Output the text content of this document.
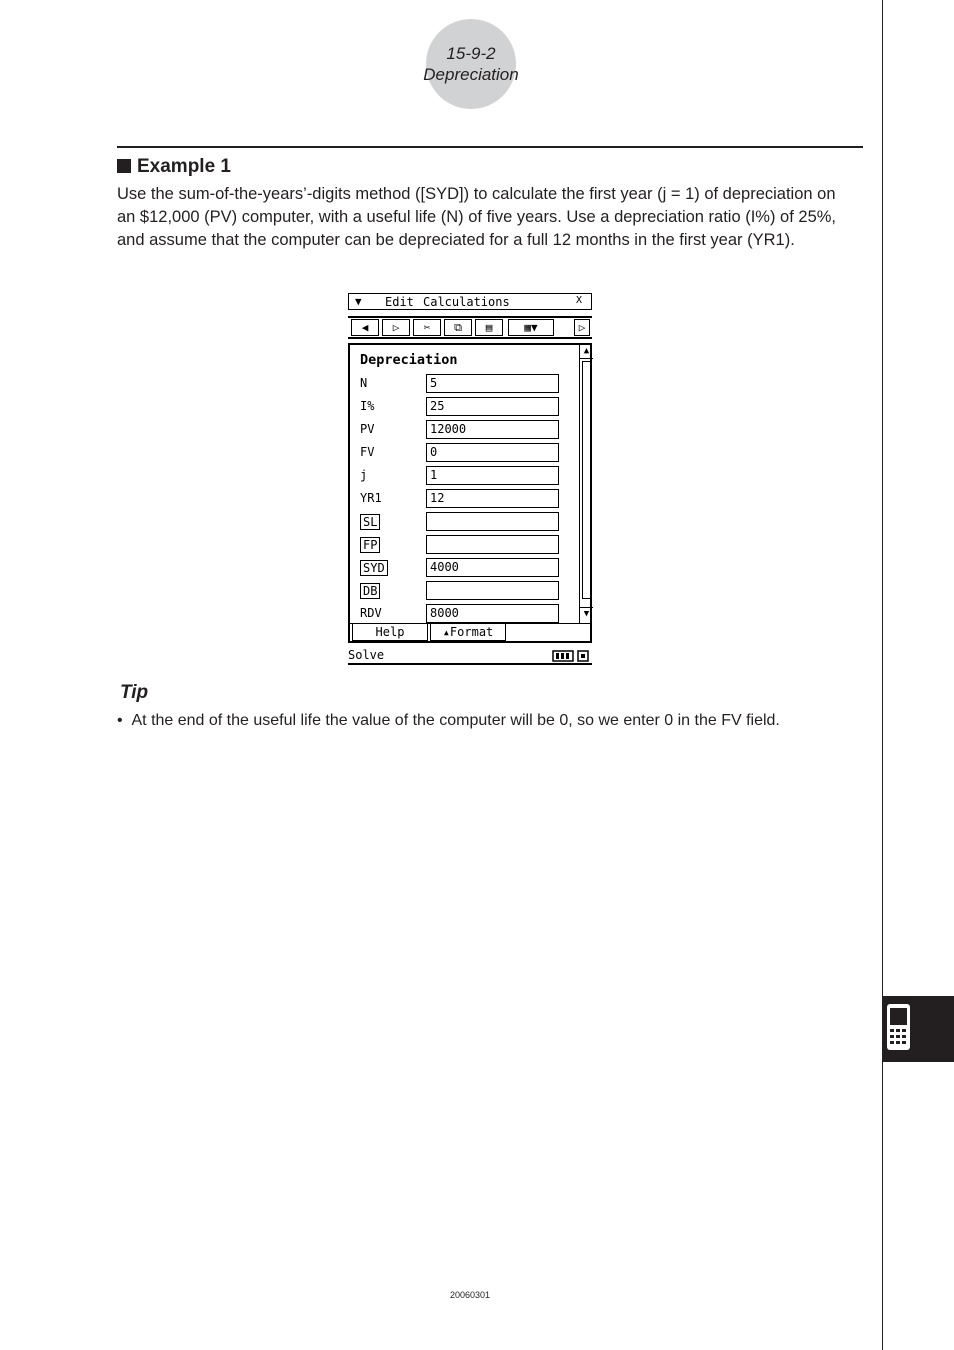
15-9-2
Depreciation
Example 1
Use the sum-of-the-years’-digits method ([SYD]) to calculate the first year (j = 1) of depreciation on an $12,000 (PV) computer, with a useful life (N) of five years. Use a depreciation ratio (I%) of 25%, and assume that the computer can be depreciated for a full 12 months in the first year (YR1).
▼ Edit Calculations	X
◀	▷	✂	⧉	▤	▦▼	▷
Depreciation
N	5
I%	25
PV	12000
FV	0
j	1
YR1	12
SL
FP
SYD	4000
DB
RDV	8000
▲
▼
Help	▴Format
Solve
Tip
•  At the end of the useful life the value of the computer will be 0, so we enter 0 in the FV field.
20060301
